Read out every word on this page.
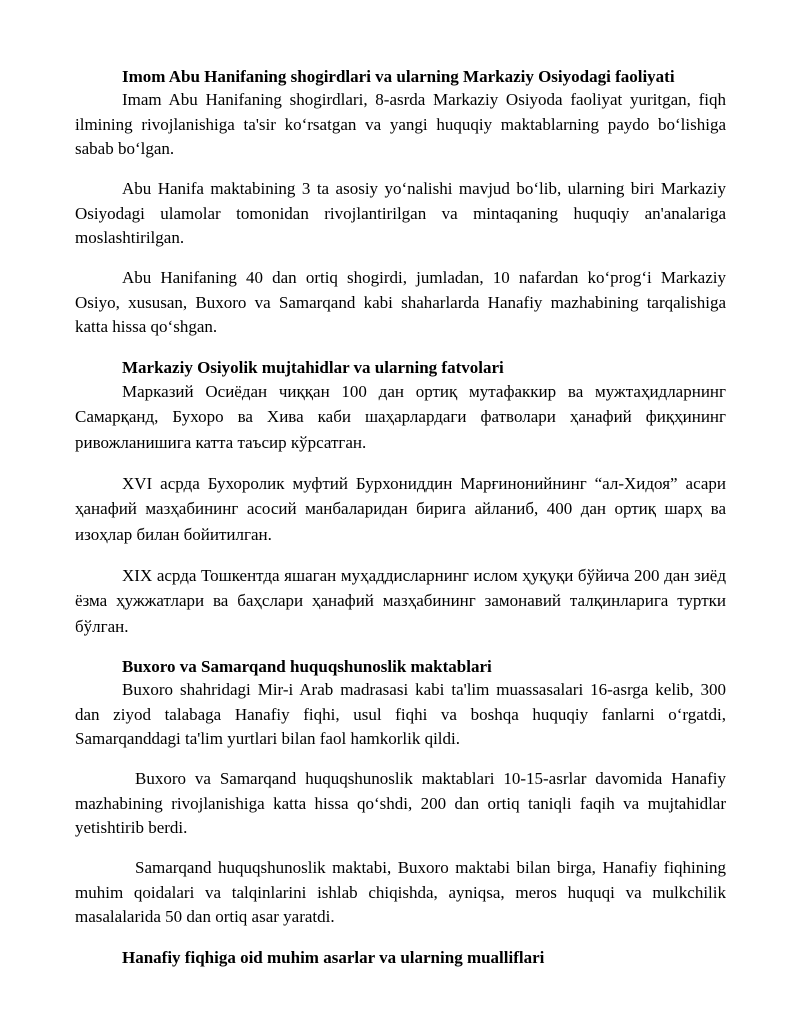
Imom Abu Hanifaning shogirdlari va ularning Markaziy Osiyodagi faoliyati

Imam Abu Hanifaning shogirdlari, 8-asrda Markaziy Osiyoda faoliyat yuritgan, fiqh ilmining rivojlanishiga ta'sir ko‘rsatgan va yangi huquqiy maktablarning paydo bo‘lishiga sabab bo‘lgan.

Abu Hanifa maktabining 3 ta asosiy yo‘nalishi mavjud bo‘lib, ularning biri Markaziy Osiyodagi ulamolar tomonidan rivojlantirilgan va mintaqaning huquqiy an'analariga moslashtirilgan.

Abu Hanifaning 40 dan ortiq shogirdi, jumladan, 10 nafardan ko‘prog‘i Markaziy Osiyo, xususan, Buxoro va Samarqand kabi shaharlarda Hanafiy mazhabining tarqalishiga katta hissa qo‘shgan.

Markaziy Osiyolik mujtahidlar va ularning fatvolari

Марказий Осиёдан чиққан 100 дан ортиқ мутафаккир ва мужтаҳидларнинг Самарқанд, Бухоро ва Хива каби шаҳарлардаги фатволари ҳанафий фиқҳининг ривожланишига катта таъсир кўрсатган.

XVI асрда Бухоролик муфтий Бурхониддин Марғинонийнинг “ал-Хидоя” асари ҳанафий мазҳабининг асосий манбаларидан бирига айланиб, 400 дан ортиқ шарҳ ва изоҳлар билан бойитилган.

XIX асрда Тошкентда яшаган муҳаддисларнинг ислом ҳуқуқи бўйича 200 дан зиёд ёзма ҳужжатлари ва баҳслари ҳанафий мазҳабининг замонавий талқинларига туртки бўлган.

Buxoro va Samarqand huquqshunoslik maktablari

Buxoro shahridagi Mir-i Arab madrasasi kabi ta'lim muassasalari 16-asrga kelib, 300 dan ziyod talabaga Hanafiy fiqhi, usul fiqhi va boshqa huquqiy fanlarni o‘rgatdi, Samarqanddagi ta'lim yurtlari bilan faol hamkorlik qildi.

Buxoro va Samarqand huquqshunoslik maktablari 10-15-asrlar davomida Hanafiy mazhabining rivojlanishiga katta hissa qo‘shdi, 200 dan ortiq taniqli faqih va mujtahidlar yetishtirib berdi.

Samarqand huquqshunoslik maktabi, Buxoro maktabi bilan birga, Hanafiy fiqhining muhim qoidalari va talqinlarini ishlab chiqishda, ayniqsa, meros huquqi va mulkchilik masalalarida 50 dan ortiq asar yaratdi.

Hanafiy fiqhiga oid muhim asarlar va ularning mualliflari
